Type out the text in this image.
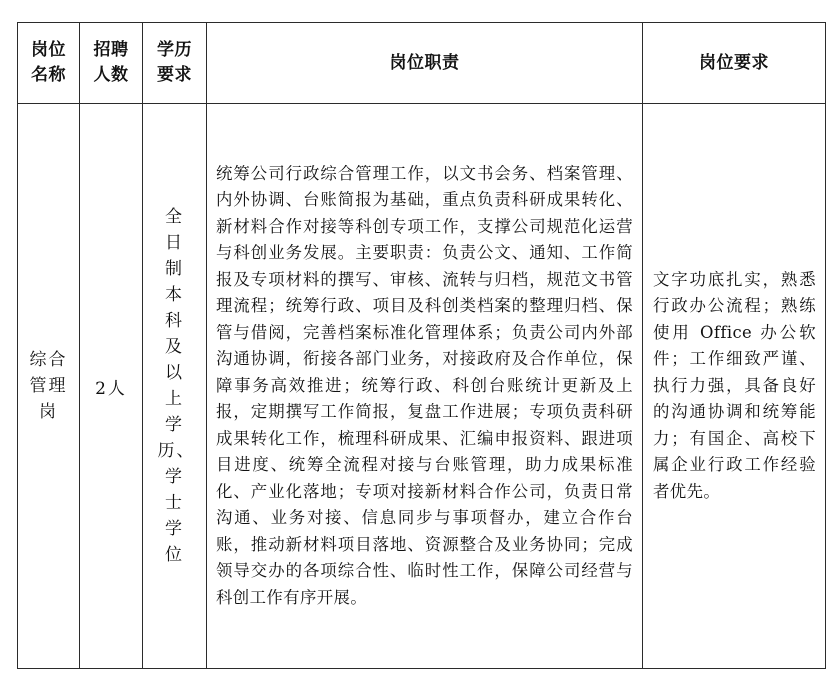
岗位名称	招聘人数	学历要求	岗位职责	岗位要求
综合管理岗	2人	全日制本科及以上学历、学士学位	统筹公司行政综合管理工作，以文书会务、档案管理、内外协调、台账简报为基础，重点负责科研成果转化、新材料合作对接等科创专项工作，支撑公司规范化运营与科创业务发展。主要职责：负责公文、通知、工作简报及专项材料的撰写、审核、流转与归档，规范文书管理流程；统筹行政、项目及科创类档案的整理归档、保管与借阅，完善档案标准化管理体系；负责公司内外部沟通协调，衔接各部门业务，对接政府及合作单位，保障事务高效推进；统筹行政、科创台账统计更新及上报，定期撰写工作简报，复盘工作进展；专项负责科研成果转化工作，梳理科研成果、汇编申报资料、跟进项目进度、统筹全流程对接与台账管理，助力成果标准化、产业化落地；专项对接新材料合作公司，负责日常沟通、业务对接、信息同步与事项督办，建立合作台账，推动新材料项目落地、资源整合及业务协同；完成领导交办的各项综合性、临时性工作，保障公司经营与科创工作有序开展。	文字功底扎实，熟悉行政办公流程；熟练使用 Office 办公软件；工作细致严谨、执行力强，具备良好的沟通协调和统筹能力；有国企、高校下属企业行政工作经验者优先。
